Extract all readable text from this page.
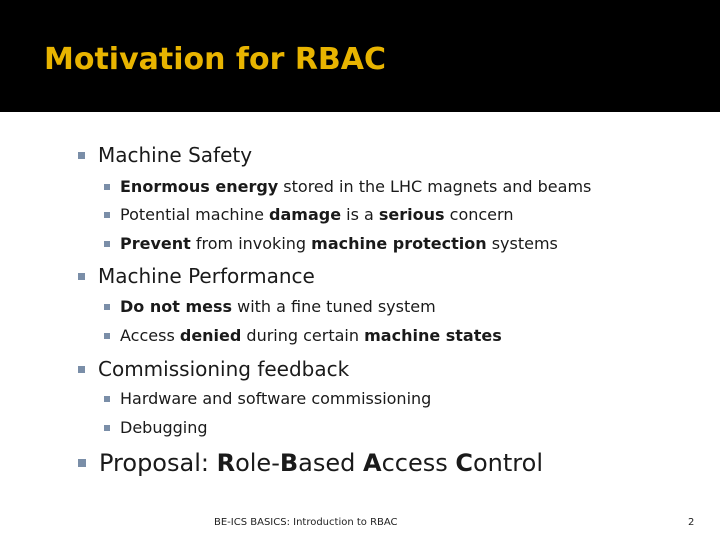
Motivation for RBAC
Machine Safety
Enormous energy stored in the LHC magnets and beams
Potential machine damage is a serious concern
Prevent from invoking machine protection systems
Machine Performance
Do not mess with a fine tuned system
Access denied during certain machine states
Commissioning feedback
Hardware and software commissioning
Debugging
Proposal: Role-Based Access Control
BE-ICS BASICS: Introduction to RBAC	2
